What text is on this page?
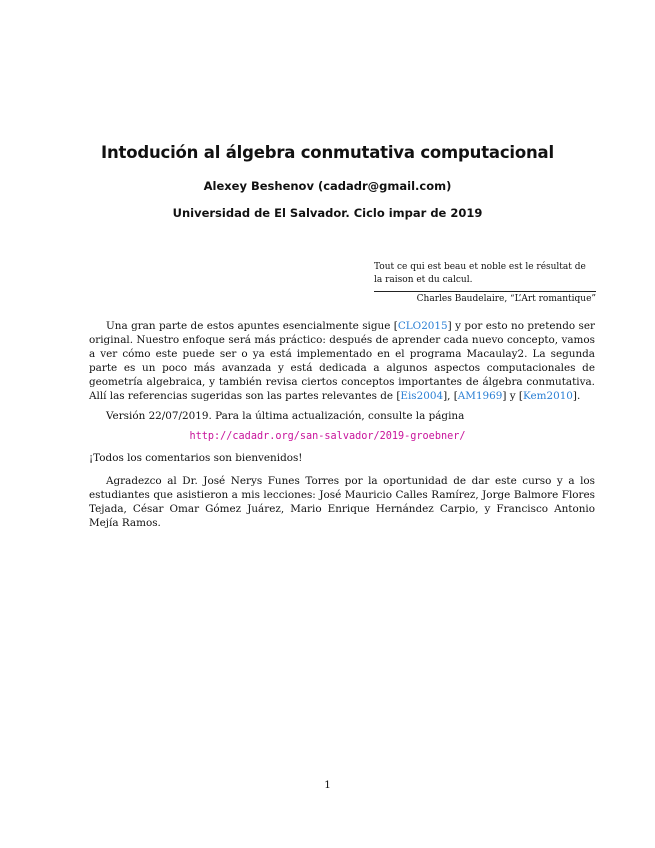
Intodución al álgebra conmutativa computacional
Alexey Beshenov (cadadr@gmail.com)
Universidad de El Salvador. Ciclo impar de 2019
Tout ce qui est beau et noble est le résultat de la raison et du calcul.
Charles Baudelaire, “L’Art romantique”
Una gran parte de estos apuntes esencialmente sigue [CLO2015] y por esto no pretendo ser original. Nuestro enfoque será más práctico: después de aprender cada nuevo concepto, vamos a ver cómo este puede ser o ya está implementado en el programa Macaulay2. La segunda parte es un poco más avanzada y está dedicada a algunos aspectos computacionales de geometría algebraica, y también revisa ciertos conceptos importantes de álgebra conmutativa. Allí las referencias sugeridas son las partes relevantes de [Eis2004], [AM1969] y [Kem2010].
Versión 22/07/2019. Para la última actualización, consulte la página
http://cadadr.org/san-salvador/2019-groebner/
¡Todos los comentarios son bienvenidos!
Agradezco al Dr. José Nerys Funes Torres por la oportunidad de dar este curso y a los estudiantes que asistieron a mis lecciones: José Mauricio Calles Ramírez, Jorge Balmore Flores Tejada, César Omar Gómez Juárez, Mario Enrique Hernández Carpio, y Francisco Antonio Mejía Ramos.
1
